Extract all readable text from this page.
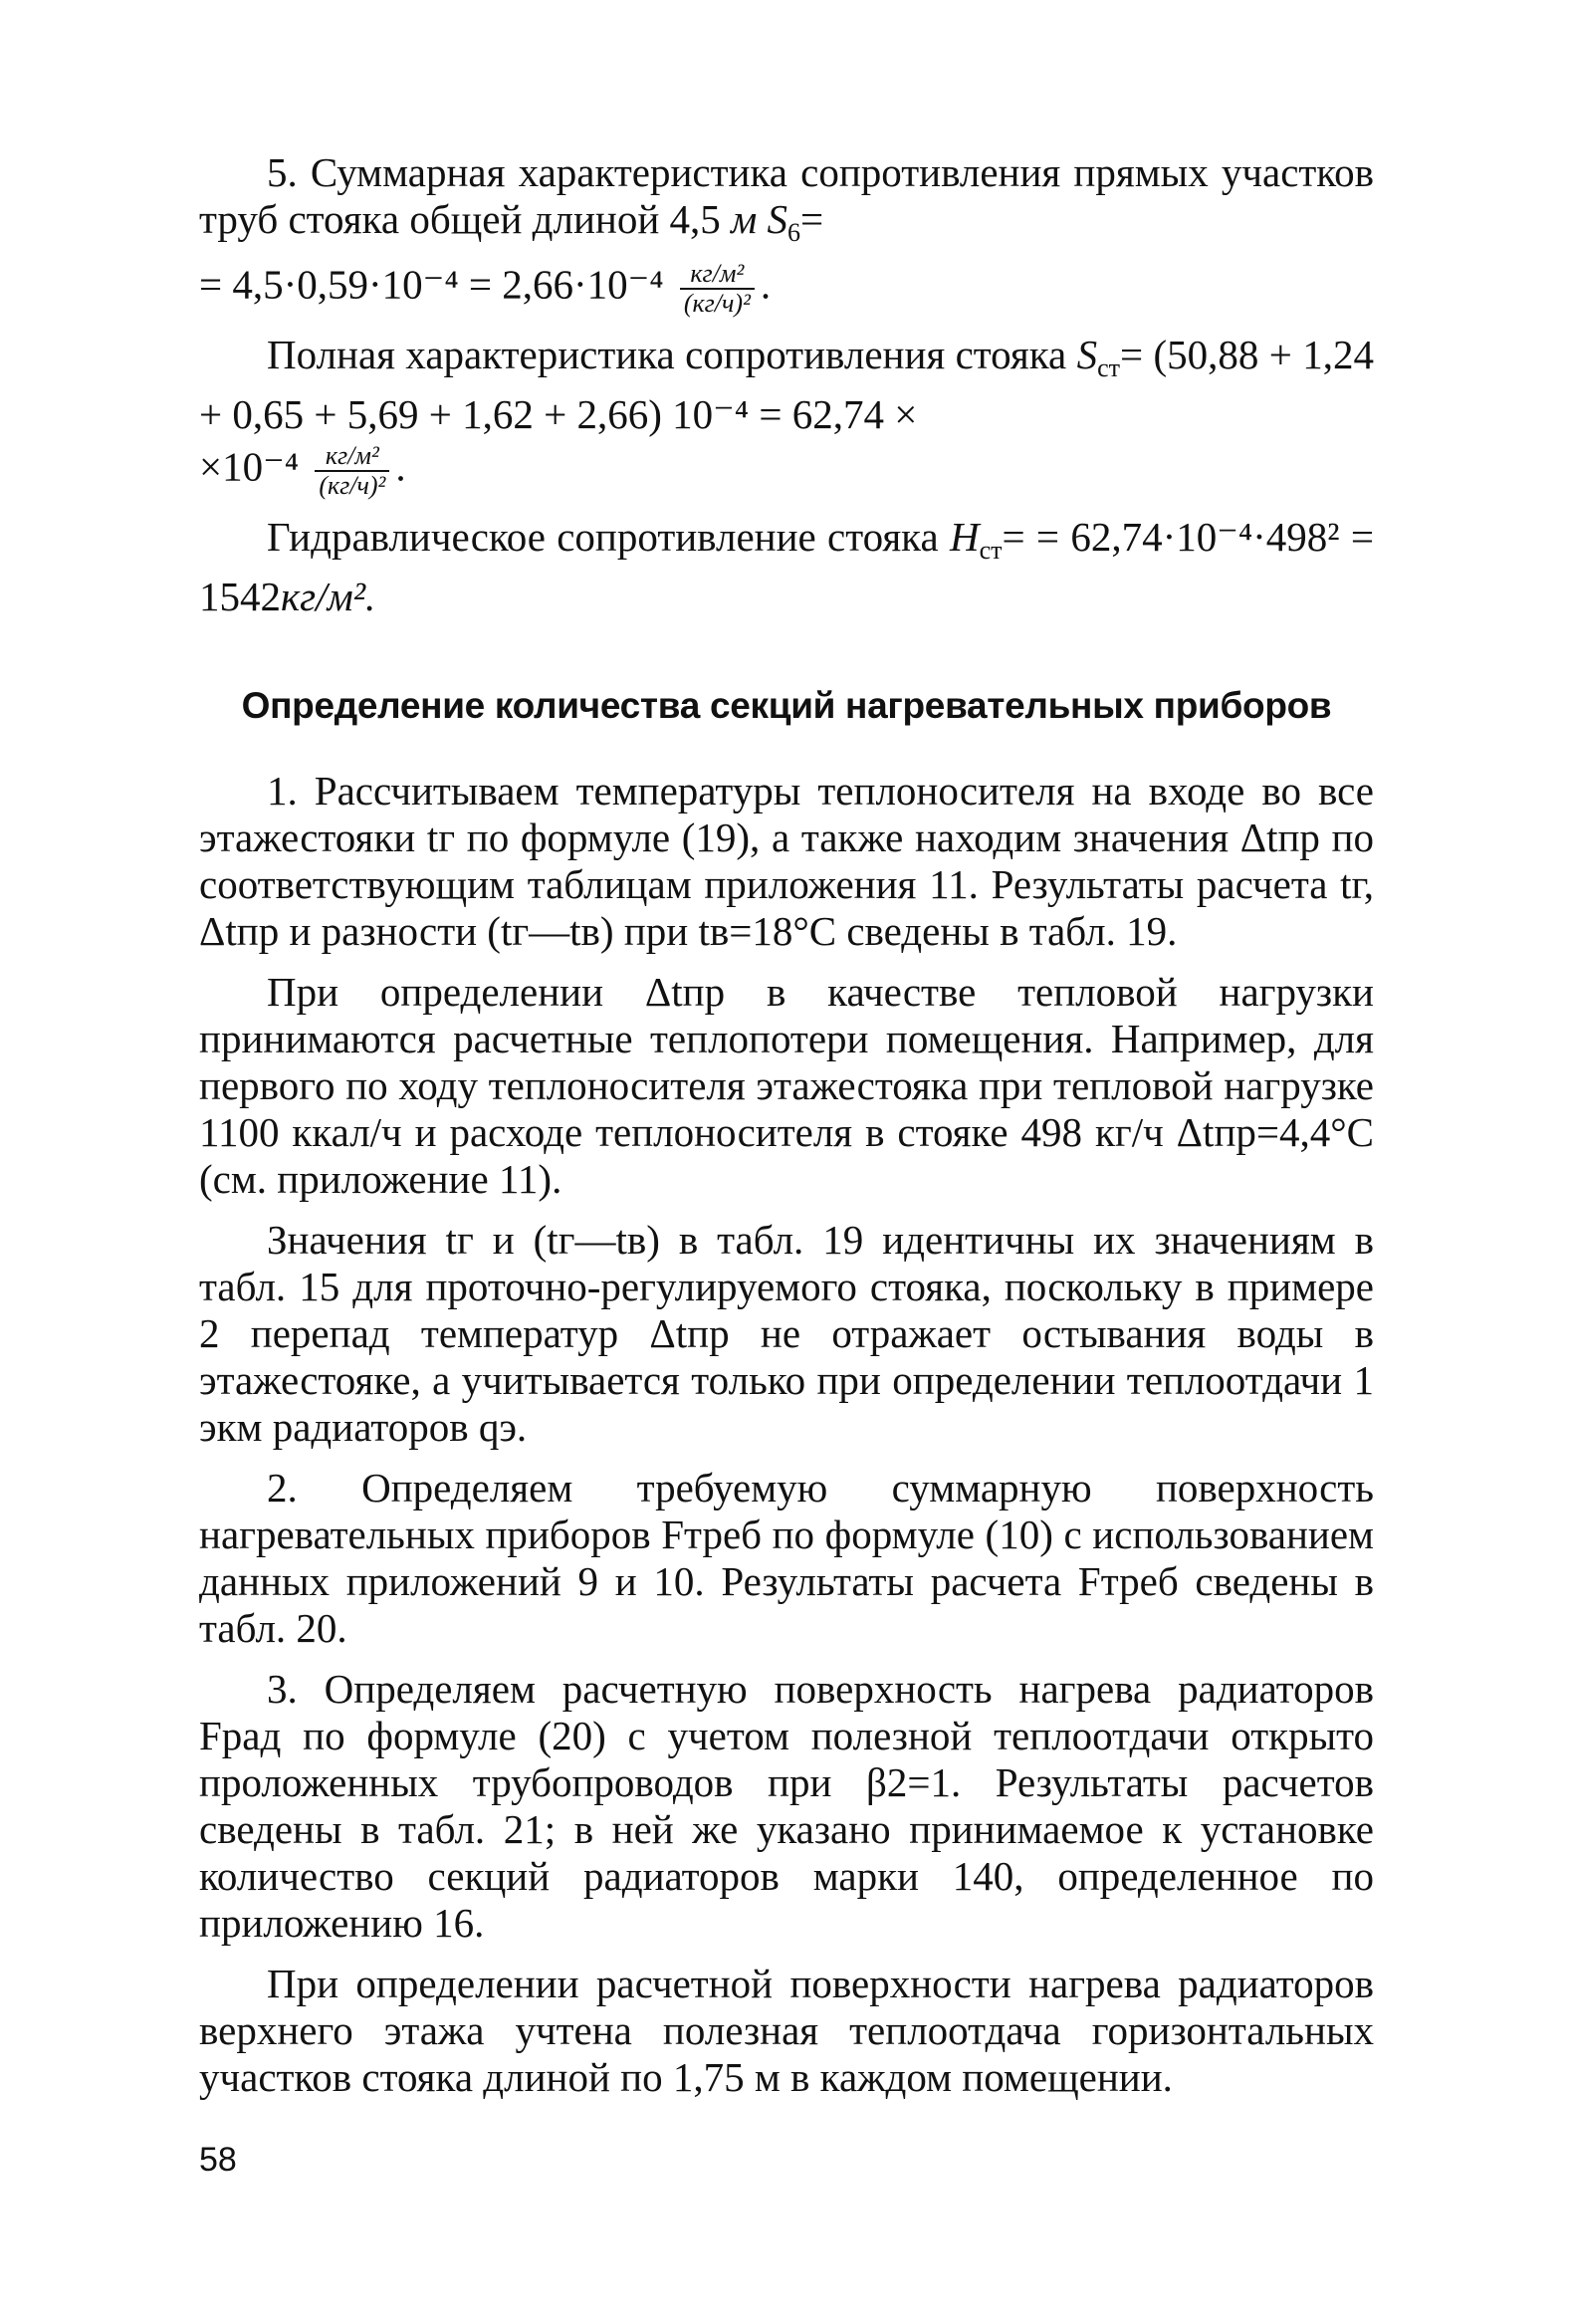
5. Суммарная характеристика сопротивления прямых участков труб стояка общей длиной 4,5 м $S_6=$

= $4,5\cdot 0,59\cdot 10^{-4} = 2,66\cdot 10^{-4} \frac{\text{кг/м²}}{\text{(кг/ч)²}}$ .

Полная характеристика сопротивления стояка $S_{ст}= (50,88 + 1,24 + 0,65 + 5,69 + 1,62 + 2,66) 10^{-4} = 62,74$ ×

$\times 10^{-4} \frac{\text{кг/м²}}{\text{(кг/ч)²}}$ .

Гидравлическое сопротивление стояка $H_{ст}= = 62,74\cdot 10^{-4}\cdot 498^2 = 1542кг/м^2$.

Определение количества секций нагревательных приборов

1. Рассчитываем температуры теплоносителя на входе во все этажестояки tг по формуле (19), а также находим значения Δtпр по соответствующим таблицам приложения 11. Результаты расчета tг, Δtпр и разности (tг—tв) при tв=18°С сведены в табл. 19.

При определении Δtпр в качестве тепловой нагрузки принимаются расчетные теплопотери помещения. Например, для первого по ходу теплоносителя этажестояка при тепловой нагрузке 1100 ккал/ч и расходе теплоносителя в стояке 498 кг/ч Δtпр=4,4°С (см. приложение 11).

Значения tг и (tг—tв) в табл. 19 идентичны их значениям в табл. 15 для проточно-регулируемого стояка, поскольку в примере 2 перепад температур Δtпр не отражает остывания воды в этажестояке, а учитывается только при определении теплоотдачи 1 экм радиаторов qэ.

2. Определяем требуемую суммарную поверхность нагревательных приборов Fтреб по формуле (10) с использованием данных приложений 9 и 10. Результаты расчета Fтреб сведены в табл. 20.

3. Определяем расчетную поверхность нагрева радиаторов Fрад по формуле (20) с учетом полезной теплоотдачи открыто проложенных трубопроводов при β2=1. Результаты расчетов сведены в табл. 21; в ней же указано принимаемое к установке количество секций радиаторов марки 140, определенное по приложению 16.

При определении расчетной поверхности нагрева радиаторов верхнего этажа учтена полезная теплоотдача горизонтальных участков стояка длиной по 1,75 м в каждом помещении.

58
